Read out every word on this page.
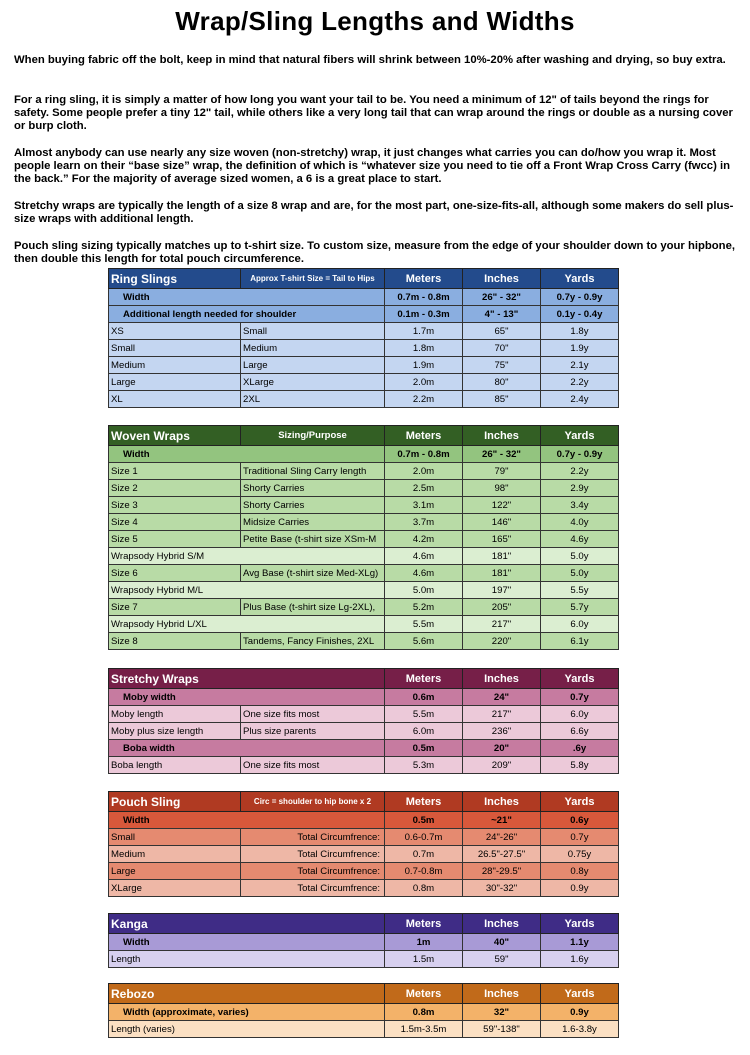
Wrap/Sling Lengths and Widths

When buying fabric off the bolt, keep in mind that natural fibers will shrink between 10%-20% after washing and drying, so buy extra.

For a ring sling, it is simply a matter of how long you want your tail to be. You need a minimum of 12" of tails beyond the rings for safety. Some people prefer a tiny 12" tail, while others like a very long tail that can wrap around the rings or double as a nursing cover or burp cloth.

Almost anybody can use nearly any size woven (non-stretchy) wrap, it just changes what carries you can do/how you wrap it. Most people learn on their “base size” wrap, the definition of which is “whatever size you need to tie off a Front Wrap Cross Carry (fwcc) in the back.” For the majority of average sized women, a 6 is a great place to start.

Stretchy wraps are typically the length of a size 8 wrap and are, for the most part, one-size-fits-all, although some makers do sell plus-size wraps with additional length.

Pouch sling sizing typically matches up to t-shirt size. To custom size, measure from the edge of your shoulder down to your hipbone, then double this length for total pouch circumference.

Ring Slings	Approx T-shirt Size = Tail to Hips	Meters	Inches	Yards
Width		0.7m - 0.8m	26" - 32"	0.7y - 0.9y
Additional length needed for shoulder		0.1m - 0.3m	4" - 13"	0.1y - 0.4y
XS	Small	1.7m	65"	1.8y
Small	Medium	1.8m	70"	1.9y
Medium	Large	1.9m	75"	2.1y
Large	XLarge	2.0m	80"	2.2y
XL	2XL	2.2m	85"	2.4y
Woven Wraps	Sizing/Purpose	Meters	Inches	Yards
Width		0.7m - 0.8m	26" - 32"	0.7y - 0.9y
Size 1	Traditional Sling Carry length	2.0m	79"	2.2y
Size 2	Shorty Carries	2.5m	98"	2.9y
Size 3	Shorty Carries	3.1m	122"	3.4y
Size 4	Midsize Carries	3.7m	146"	4.0y
Size 5	Petite Base (t-shirt size XSm-M	4.2m	165"	4.6y
Wrapsody Hybrid S/M		4.6m	181"	5.0y
Size 6	Avg Base (t-shirt size Med-XLg)	4.6m	181"	5.0y
Wrapsody Hybrid M/L		5.0m	197"	5.5y
Size 7	Plus Base (t-shirt size Lg-2XL),	5.2m	205"	5.7y
Wrapsody Hybrid L/XL		5.5m	217"	6.0y
Size 8	Tandems, Fancy Finishes, 2XL	5.6m	220"	6.1y
Stretchy Wraps		Meters	Inches	Yards
Moby width		0.6m	24"	0.7y
Moby length	One size fits most	5.5m	217"	6.0y
Moby plus size length	Plus size parents	6.0m	236"	6.6y
Boba width		0.5m	20"	.6y
Boba length	One size fits most	5.3m	209"	5.8y
Pouch Sling	Circ = shoulder to hip bone x 2	Meters	Inches	Yards
Width		0.5m	~21"	0.6y
Small	Total Circumfrence:	0.6-0.7m	24"-26"	0.7y
Medium	Total Circumfrence:	0.7m	26.5"-27.5"	0.75y
Large	Total Circumfrence:	0.7-0.8m	28"-29.5"	0.8y
XLarge	Total Circumfrence:	0.8m	30"-32"	0.9y
Kanga	Meters	Inches	Yards
Width	1m	40"	1.1y
Length	1.5m	59"	1.6y
Rebozo	Meters	Inches	Yards
Width (approximate, varies)	0.8m	32"	0.9y
Length (varies)	1.5m-3.5m	59"-138"	1.6-3.8y
